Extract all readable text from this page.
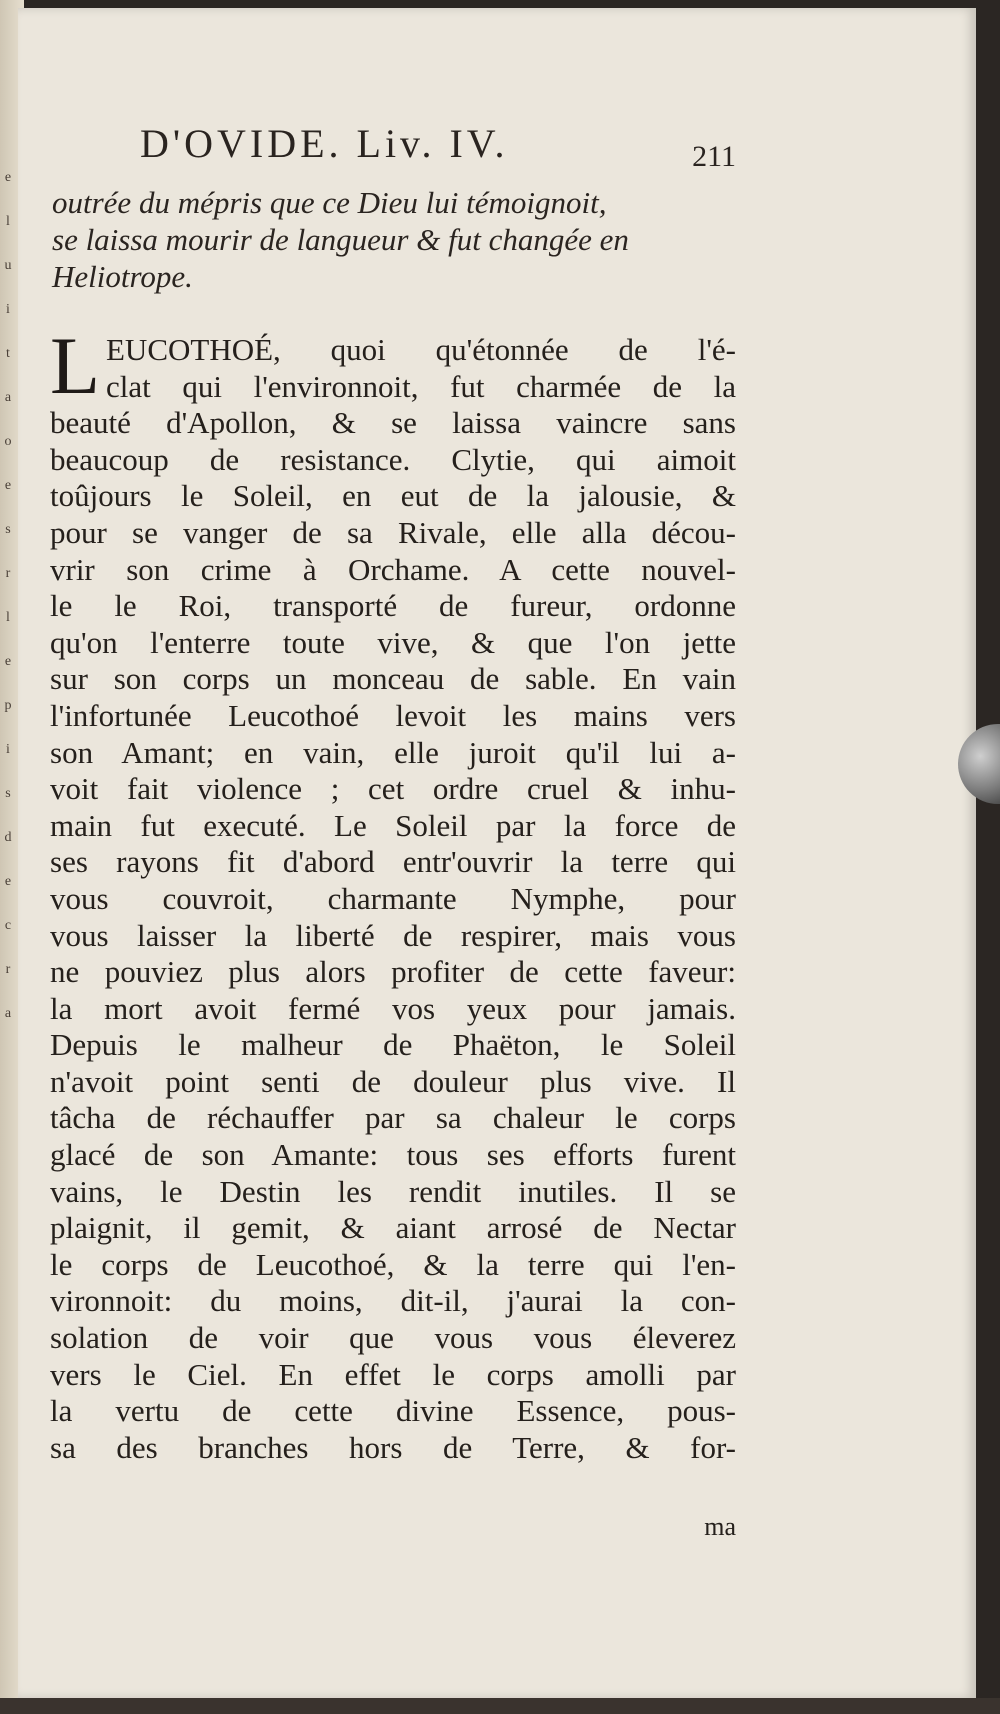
e
l
u
i
t
a
o
e
s
r
l
e
p
i
s
d
e
c
r
a
D'OVIDE. Liv. IV.	211
outrée du mépris que ce Dieu lui témoignoit,
se laissa mourir de langueur & fut changée en
Heliotrope.
L EUCOTHOÉ, quoi qu'étonnée de l'é-
clat qui l'environnoit, fut charmée de la
beauté d'Apollon, & se laissa vaincre sans
beaucoup de resistance. Clytie, qui aimoit
toûjours le Soleil, en eut de la jalousie, &
pour se vanger de sa Rivale, elle alla décou-
vrir son crime à Orchame. A cette nouvel-
le le Roi, transporté de fureur, ordonne
qu'on l'enterre toute vive, & que l'on jette
sur son corps un monceau de sable. En vain
l'infortunée Leucothoé levoit les mains vers
son Amant; en vain, elle juroit qu'il lui a-
voit fait violence ; cet ordre cruel & inhu-
main fut executé. Le Soleil par la force de
ses rayons fit d'abord entr'ouvrir la terre qui
vous couvroit, charmante Nymphe, pour
vous laisser la liberté de respirer, mais vous
ne pouviez plus alors profiter de cette faveur:
la mort avoit fermé vos yeux pour jamais.
Depuis le malheur de Phaëton, le Soleil
n'avoit point senti de douleur plus vive. Il
tâcha de réchauffer par sa chaleur le corps
glacé de son Amante: tous ses efforts furent
vains, le Destin les rendit inutiles. Il se
plaignit, il gemit, & aiant arrosé de Nectar
le corps de Leucothoé, & la terre qui l'en-
vironnoit: du moins, dit-il, j'aurai la con-
solation de voir que vous vous éleverez
vers le Ciel. En effet le corps amolli par
la vertu de cette divine Essence, pous-
sa des branches hors de Terre, & for-
ma
